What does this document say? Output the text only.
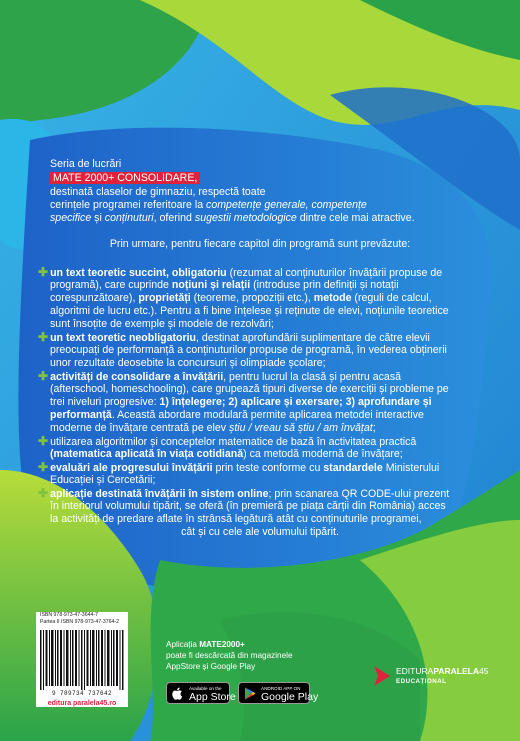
Seria de lucrări
MATE 2000+ CONSOLIDARE,
destinată claselor de gimnaziu, respectă toate
cerințele programei referitoare la competențe generale, competențe
specifice și conținuturi, oferind sugestii metodologice dintre cele mai atractive.
Prin urmare, pentru fiecare capitol din programă sunt prevăzute:
✚ un text teoretic succint, obligatoriu (rezumat al conținuturilor învățării propuse de
programă), care cuprinde noțiuni și relații (introduse prin definiții și notații
corespunzătoare), proprietăți (teoreme, propoziții etc.), metode (reguli de calcul,
algoritmi de lucru etc.). Pentru a fi bine înțelese și reținute de elevi, noțiunile teoretice
sunt însoțite de exemple și modele de rezolvări;
✚ un text teoretic neobligatoriu, destinat aprofundării suplimentare de către elevii
preocupați de performanță a conținuturilor propuse de programă, în vederea obținerii
unor rezultate deosebite la concursuri și olimpiade școlare;
✚ activități de consolidare a învățării, pentru lucrul la clasă și pentru acasă
(afterschool, homeschooling), care grupează tipuri diverse de exerciții și probleme pe
trei niveluri progresive: 1) înțelegere; 2) aplicare și exersare; 3) aprofundare și
performanță. Această abordare modulară permite aplicarea metodei interactive
moderne de învățare centrată pe elev știu / vreau să știu / am învățat;
✚ utilizarea algoritmilor și conceptelor matematice de bază în activitatea practică
(matematica aplicată în viața cotidiană) ca metodă modernă de învățare;
✚ evaluări ale progresului învățării prin teste conforme cu standardele Ministerului
Educației și Cercetării;
✚ aplicație destinată învățării în sistem online; prin scanarea QR CODE-ului prezent
în interiorul volumului tipărit, se oferă (în premieră pe piața cărții din România) acces
la activități de predare aflate în strânsă legătură atât cu conținuturile programei,
cât și cu cele ale volumului tipărit.
ISBN 978-973-47-3644-7
Partea II ISBN 978-973-47-3764-2
9 789734 737642
editura paralela45.ro
Aplicația MATE2000+
poate fi descărcată din magazinele
AppStore și Google Play
Available on the
App Store
ANDROID APP ON
Google Play
EDITURAPARALELA45
EDUCAȚIONAL
